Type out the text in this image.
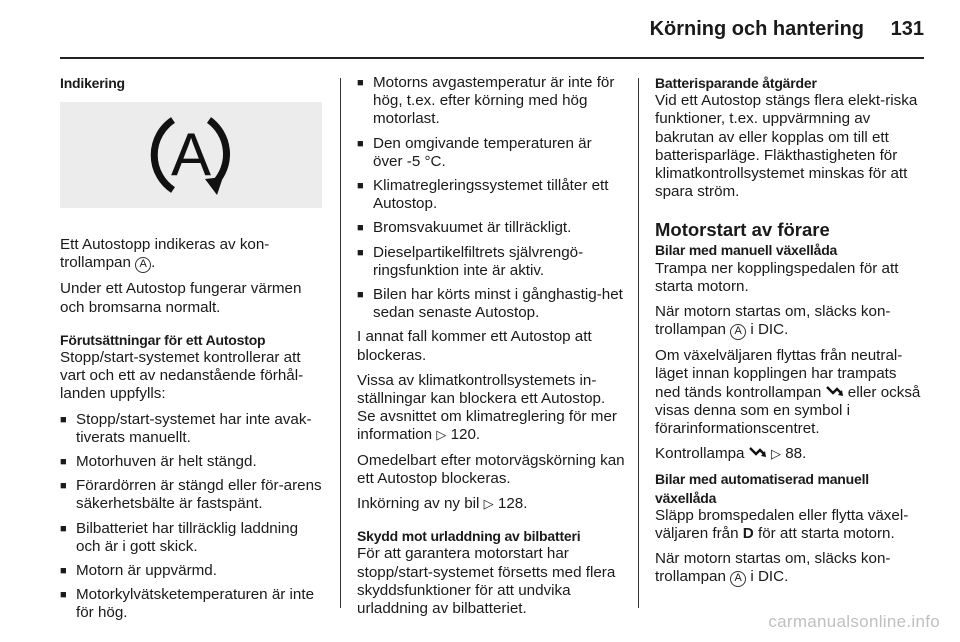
Körning och hantering 131
Indikering
A

Ett Autostopp indikeras av kon-trollampan A .

Under ett Autostop fungerar värmen och bromsarna normalt.

Förutsättningar för ett Autostop

Stopp/start-systemet kontrollerar att vart och ett av nedanstående förhål-landen uppfylls:

■ Stopp/start-systemet har inte avak-tiverats manuellt.
■ Motorhuven är helt stängd.
■ Förardörren är stängd eller för-arens säkerhetsbälte är fastspänt.
■ Bilbatteriet har tillräcklig laddning och är i gott skick.
■ Motorn är uppvärmd.
■ Motorkylvätsketemperaturen är inte för hög.
■ Motorns avgastemperatur är inte för hög, t.ex. efter körning med hög motorlast.
■ Den omgivande temperaturen är över -5 °C.
■ Klimatregleringssystemet tillåter ett Autostop.
■ Bromsvakuumet är tillräckligt.
■ Dieselpartikelfiltrets självrengö-ringsfunktion inte är aktiv.
■ Bilen har körts minst i gånghastig-het sedan senaste Autostop.

I annat fall kommer ett Autostop att blockeras.

Vissa av klimatkontrollsystemets in-ställningar kan blockera ett Autostop. Se avsnittet om klimatreglering för mer information ▷ 120.

Omedelbart efter motorvägskörning kan ett Autostop blockeras.

Inkörning av ny bil ▷ 128.

Skydd mot urladdning av bilbatteri

För att garantera motorstart har stopp/start-systemet försetts med flera skyddsfunktioner för att undvika urladdning av bilbatteriet.

Batterisparande åtgärder

Vid ett Autostop stängs flera elekt-riska funktioner, t.ex. uppvärmning av bakrutan av eller kopplas om till ett batterisparläge. Fläkthastigheten för klimatkontrollsystemet minskas för att spara ström.

Motorstart av förare
Bilar med manuell växellåda

Trampa ner kopplingspedalen för att starta motorn.

När motorn startas om, släcks kon-trollampan A i DIC.

Om växelväljaren flyttas från neutral-läget innan kopplingen har trampats ned tänds kontrollampan  eller också visas denna som en symbol i förarinformationscentret.

Kontrollampa  ▷ 88.

Bilar med automatiserad manuell växellåda

Släpp bromspedalen eller flytta växel-väljaren från D för att starta motorn.

När motorn startas om, släcks kon-trollampan A i DIC.

carmanualsonline.info
